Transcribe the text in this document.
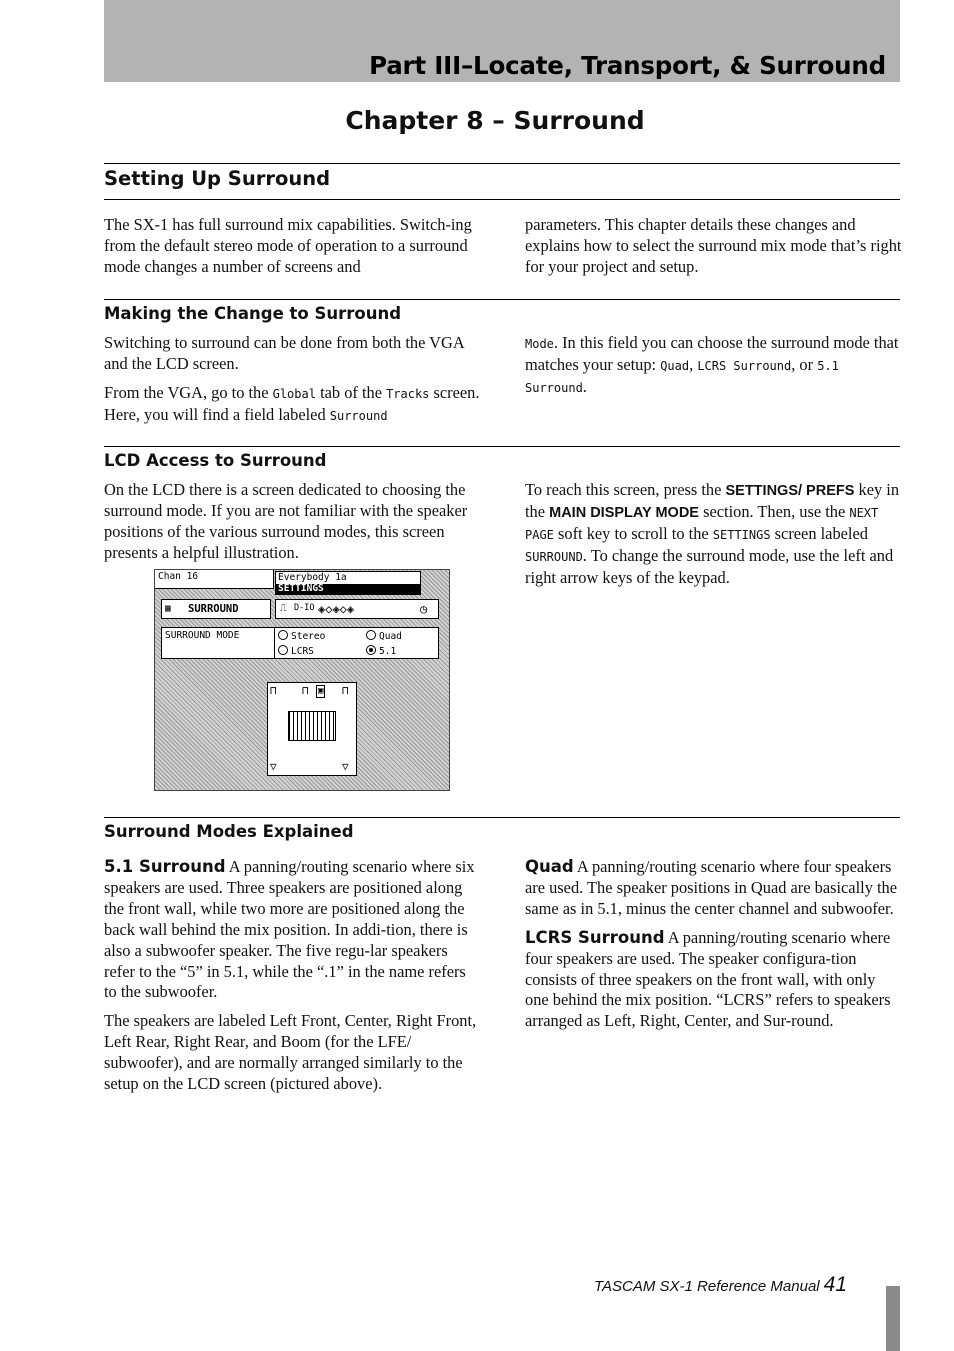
Part III–Locate, Transport, & Surround
Chapter 8 – Surround
Setting Up Surround

The SX-1 has full surround mix capabilities. Switch-ing from the default stereo mode of operation to a surround mode changes a number of screens and

parameters. This chapter details these changes and explains how to select the surround mix mode that’s right for your project and setup.

Making the Change to Surround

Switching to surround can be done from both the VGA and the LCD screen.

From the VGA, go to the Global tab of the Tracks screen. Here, you will find a field labeled Surround

Mode. In this field you can choose the surround mode that matches your setup: Quad, LCRS Surround, or 5.1 Surround.

LCD Access to Surround

On the LCD there is a screen dedicated to choosing the surround mode. If you are not familiar with the speaker positions of the various surround modes, this screen presents a helpful illustration.

To reach this screen, press the SETTINGS/ PREFS key in the MAIN DISPLAY MODE section. Then, use the NEXT PAGE soft key to scroll to the SETTINGS screen labeled SURROUND. To change the surround mode, use the left and right arrow keys of the keypad.

Chan 16	Everybody 1a
SETTINGS
▦ SURROUND	⎍ D-IO ◈◇◈◇◈	◷
SURROUND MODE	Stereo	Quad
LCRS	5.1
⊓ ⊓ ▣ ⊓
▽	▽
Surround Modes Explained

5.1 Surround A panning/routing scenario where six speakers are used. Three speakers are positioned along the front wall, while two more are positioned along the back wall behind the mix position. In addi-tion, there is also a subwoofer speaker. The five regu-lar speakers refer to the “5” in 5.1, while the “.1” in the name refers to the subwoofer.

The speakers are labeled Left Front, Center, Right Front, Left Rear, Right Rear, and Boom (for the LFE/ subwoofer), and are normally arranged similarly to the setup on the LCD screen (pictured above).

Quad A panning/routing scenario where four speakers are used. The speaker positions in Quad are basically the same as in 5.1, minus the center channel and subwoofer.

LCRS Surround A panning/routing scenario where four speakers are used. The speaker configura-tion consists of three speakers on the front wall, with only one behind the mix position. “LCRS” refers to speakers arranged as Left, Right, Center, and Sur-round.

TASCAM SX-1 Reference Manual 41
